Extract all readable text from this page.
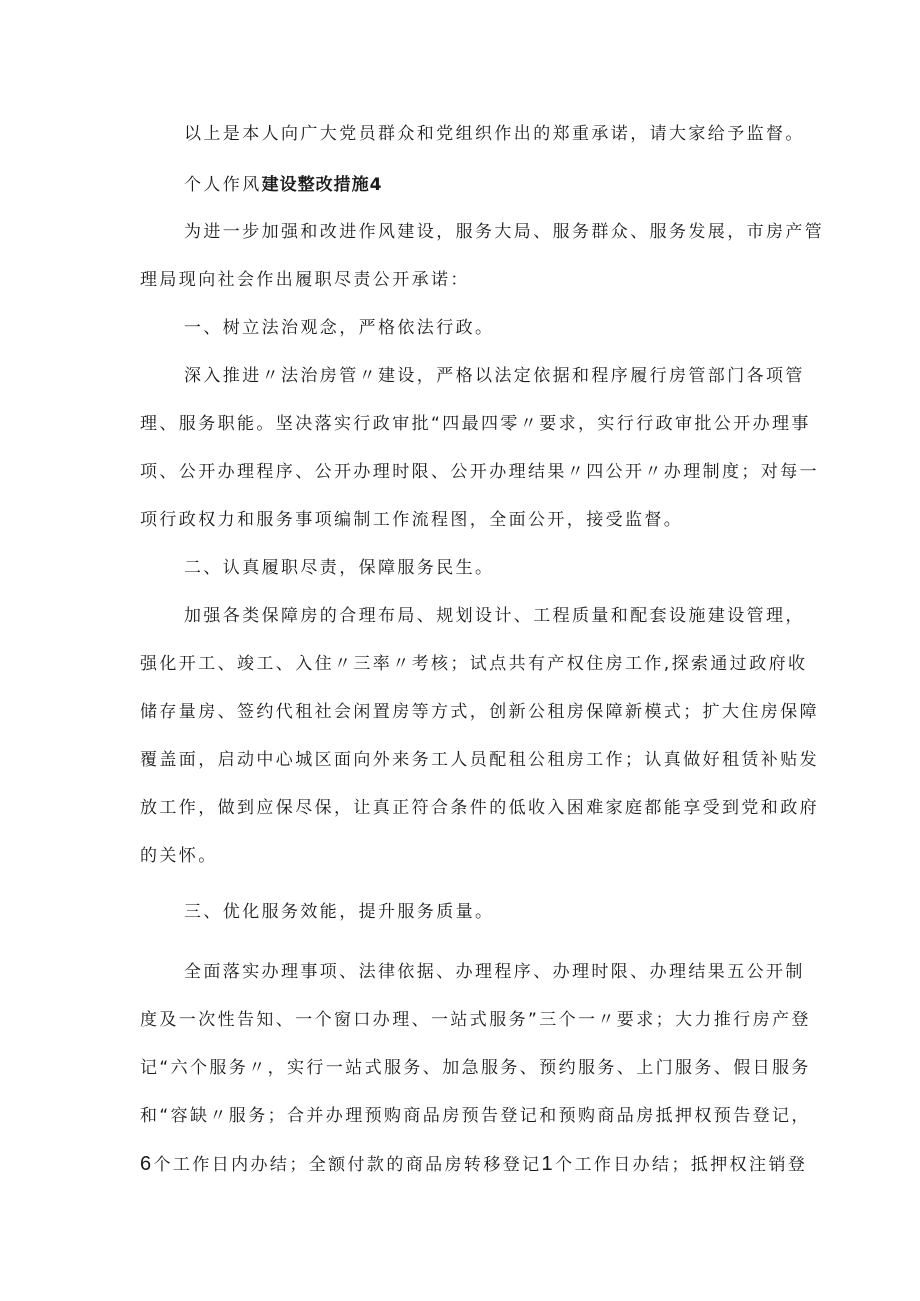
以上是本人向广大党员群众和党组织作出的郑重承诺，请大家给予监督。
个人作风建设整改措施4
为进一步加强和改进作风建设，服务大局、服务群众、服务发展，市房产管
理局现向社会作出履职尽责公开承诺：
一、树立法治观念，严格依法行政。
深入推进〃法治房管〃建设，严格以法定依据和程序履行房管部门各项管
理、服务职能。坚决落实行政审批“四最四零〃要求，实行行政审批公开办理事
项、公开办理程序、公开办理时限、公开办理结果〃四公开〃办理制度；对每一
项行政权力和服务事项编制工作流程图，全面公开，接受监督。
二、认真履职尽责，保障服务民生。
加强各类保障房的合理布局、规划设计、工程质量和配套设施建设管理，
强化开工、竣工、入住〃三率〃考核；试点共有产权住房工作,探索通过政府收
储存量房、签约代租社会闲置房等方式，创新公租房保障新模式；扩大住房保障
覆盖面，启动中心城区面向外来务工人员配租公租房工作；认真做好租赁补贴发
放工作，做到应保尽保，让真正符合条件的低收入困难家庭都能享受到党和政府
的关怀。
三、优化服务效能，提升服务质量。
全面落实办理事项、法律依据、办理程序、办理时限、办理结果五公开制
度及一次性告知、一个窗口办理、一站式服务”三个一〃要求；大力推行房产登
记“六个服务〃，实行一站式服务、加急服务、预约服务、上门服务、假日服务
和“容缺〃服务；合并办理预购商品房预告登记和预购商品房抵押权预告登记，
6个工作日内办结；全额付款的商品房转移登记1个工作日办结；抵押权注销登
